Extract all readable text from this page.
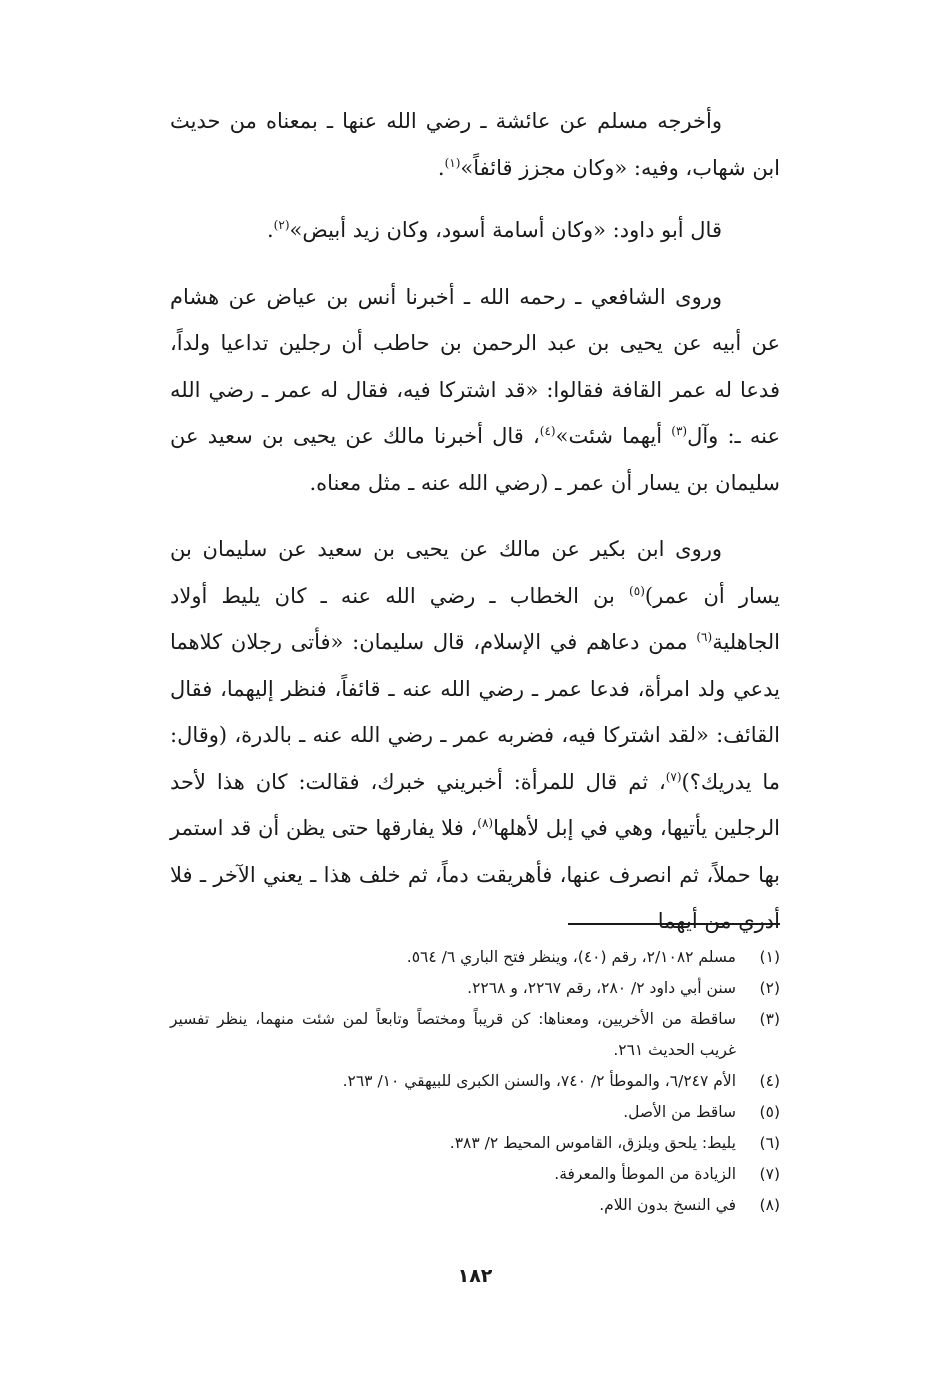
وأخرجه مسلم عن عائشة ـ رضي الله عنها ـ بمعناه من حديث ابن شهاب، وفيه: «وكان مجزز قائفاً»$^{(١)}$.

قال أبو داود: «وكان أسامة أسود، وكان زيد أبيض»$^{(٢)}$.

وروى الشافعي ـ رحمه الله ـ أخبرنا أنس بن عياض عن هشام عن أبيه عن يحيى بن عبد الرحمن بن حاطب أن رجلين تداعيا ولداً، فدعا له عمر القافة فقالوا: «قد اشتركا فيه، فقال له عمر ـ رضي الله عنه ـ: وآل$^{(٣)}$ أيهما شئت»$^{(٤)}$، قال أخبرنا مالك عن يحيى بن سعيد عن سليمان بن يسار أن عمر ـ (رضي الله عنه ـ مثل معناه.

وروى ابن بكير عن مالك عن يحيى بن سعيد عن سليمان بن يسار أن عمر)$^{(٥)}$ بن الخطاب ـ رضي الله عنه ـ كان يليط أولاد الجاهلية$^{(٦)}$ ممن دعاهم في الإسلام، قال سليمان: «فأتى رجلان كلاهما يدعي ولد امرأة، فدعا عمر ـ رضي الله عنه ـ قائفاً، فنظر إليهما، فقال القائف: «لقد اشتركا فيه، فضربه عمر ـ رضي الله عنه ـ بالدرة، (وقال: ما يدريك؟)$^{(٧)}$، ثم قال للمرأة: أخبريني خبرك، فقالت: كان هذا لأحد الرجلين يأتيها، وهي في إبل لأهلها$^{(٨)}$، فلا يفارقها حتى يظن أن قد استمر بها حملاً، ثم انصرف عنها، فأهريقت دماً، ثم خلف هذا ـ يعني الآخر ـ فلا أدري من أيهما

(١)
مسلم ٢/١٠٨٢، رقم (٤٠)، وينظر فتح الباري ٦/ ٥٦٤.
(٢)
سنن أبي داود ٢/ ٢٨٠، رقم ٢٢٦٧، و ٢٢٦٨.
(٣)
ساقطة من الأخريين، ومعناها: كن قريباً ومختصاً وتابعاً لمن شئت منهما، ينظر تفسير غريب الحديث ٢٦١.
(٤)
الأم ٦/٢٤٧، والموطأ ٢/ ٧٤٠، والسنن الكبرى للبيهقي ١٠/ ٢٦٣.
(٥)
ساقط من الأصل.
(٦)
يليط: يلحق ويلزق، القاموس المحيط ٢/ ٣٨٣.
(٧)
الزيادة من الموطأ والمعرفة.
(٨)
في النسخ بدون اللام.
١٨٢
